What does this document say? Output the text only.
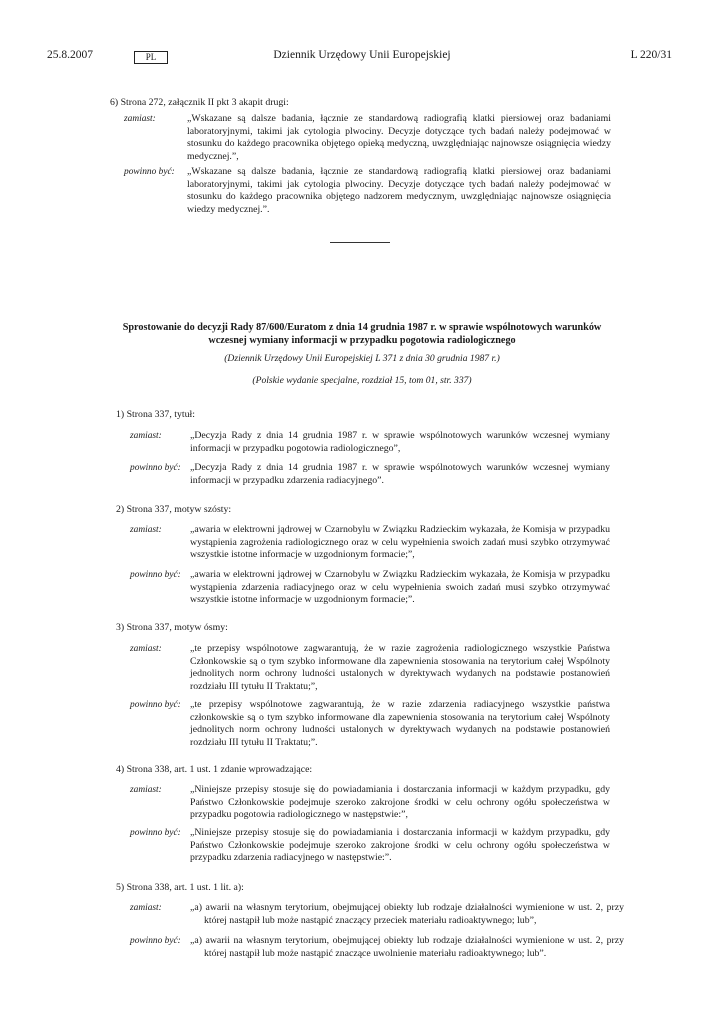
25.8.2007	PL	Dziennik Urzędowy Unii Europejskiej	L 220/31
6) Strona 272, załącznik II pkt 3 akapit drugi:
zamiast:	„Wskazane są dalsze badania, łącznie ze standardową radiografią klatki piersiowej oraz badaniami laboratoryjnymi, takimi jak cytologia plwociny. Decyzje dotyczące tych badań należy podejmować w stosunku do każdego pracownika objętego opieką medyczną, uwzględniając najnowsze osiągnięcia wiedzy medycznej.”,

powinno być: „Wskazane są dalsze badania, łącznie ze standardową radiografią klatki piersiowej oraz badaniami laboratoryjnymi, takimi jak cytologia plwociny. Decyzje dotyczące tych badań należy podejmować w stosunku do każdego pracownika objętego nadzorem medycznym, uwzględniając najnowsze osiągnięcia wiedzy medycznej.”.

Sprostowanie do decyzji Rady 87/600/Euratom z dnia 14 grudnia 1987 r. w sprawie wspólnotowych warunków
wczesnej wymiany informacji w przypadku pogotowia radiologicznego
(Dziennik Urzędowy Unii Europejskiej L 371 z dnia 30 grudnia 1987 r.)
(Polskie wydanie specjalne, rozdział 15, tom 01, str. 337)
1) Strona 337, tytuł:
zamiast:	„Decyzja Rady z dnia 14 grudnia 1987 r. w sprawie wspólnotowych warunków wczesnej wymiany informacji w przypadku pogotowia radiologicznego”,

powinno być: „Decyzja Rady z dnia 14 grudnia 1987 r. w sprawie wspólnotowych warunków wczesnej wymiany informacji w przypadku zdarzenia radiacyjnego”.

2) Strona 337, motyw szósty:
zamiast:	„awaria w elektrowni jądrowej w Czarnobylu w Związku Radzieckim wykazała, że Komisja w przypadku wystąpienia zagrożenia radiologicznego oraz w celu wypełnienia swoich zadań musi szybko otrzymywać wszystkie istotne informacje w uzgodnionym formacie;”,

powinno być: „awaria w elektrowni jądrowej w Czarnobylu w Związku Radzieckim wykazała, że Komisja w przypadku wystąpienia zdarzenia radiacyjnego oraz w celu wypełnienia swoich zadań musi szybko otrzymywać wszystkie istotne informacje w uzgodnionym formacie;”.

3) Strona 337, motyw ósmy:
zamiast:	„te przepisy wspólnotowe zagwarantują, że w razie zagrożenia radiologicznego wszystkie Państwa Członkowskie są o tym szybko informowane dla zapewnienia stosowania na terytorium całej Wspólnoty jednolitych norm ochrony ludności ustalonych w dyrektywach wydanych na podstawie postanowień rozdziału III tytułu II Traktatu;”,

powinno być: „te przepisy wspólnotowe zagwarantują, że w razie zdarzenia radiacyjnego wszystkie państwa członkowskie są o tym szybko informowane dla zapewnienia stosowania na terytorium całej Wspólnoty jednolitych norm ochrony ludności ustalonych w dyrektywach wydanych na podstawie postanowień rozdziału III tytułu II Traktatu;”.

4) Strona 338, art. 1 ust. 1 zdanie wprowadzające:
zamiast:	„Niniejsze przepisy stosuje się do powiadamiania i dostarczania informacji w każdym przypadku, gdy Państwo Członkowskie podejmuje szeroko zakrojone środki w celu ochrony ogółu społeczeństwa w przypadku pogotowia radiologicznego w następstwie:”,

powinno być: „Niniejsze przepisy stosuje się do powiadamiania i dostarczania informacji w każdym przypadku, gdy Państwo Członkowskie podejmuje szeroko zakrojone środki w celu ochrony ogółu społeczeństwa w przypadku zdarzenia radiacyjnego w następstwie:”.

5) Strona 338, art. 1 ust. 1 lit. a):
zamiast:	„a) awarii na własnym terytorium, obejmującej obiekty lub rodzaje działalności wymienione w ust. 2, przy której nastąpił lub może nastąpić znaczący przeciek materiału radioaktywnego; lub”,

powinno być: „a) awarii na własnym terytorium, obejmującej obiekty lub rodzaje działalności wymienione w ust. 2, przy której nastąpił lub może nastąpić znaczące uwolnienie materiału radioaktywnego; lub”.
